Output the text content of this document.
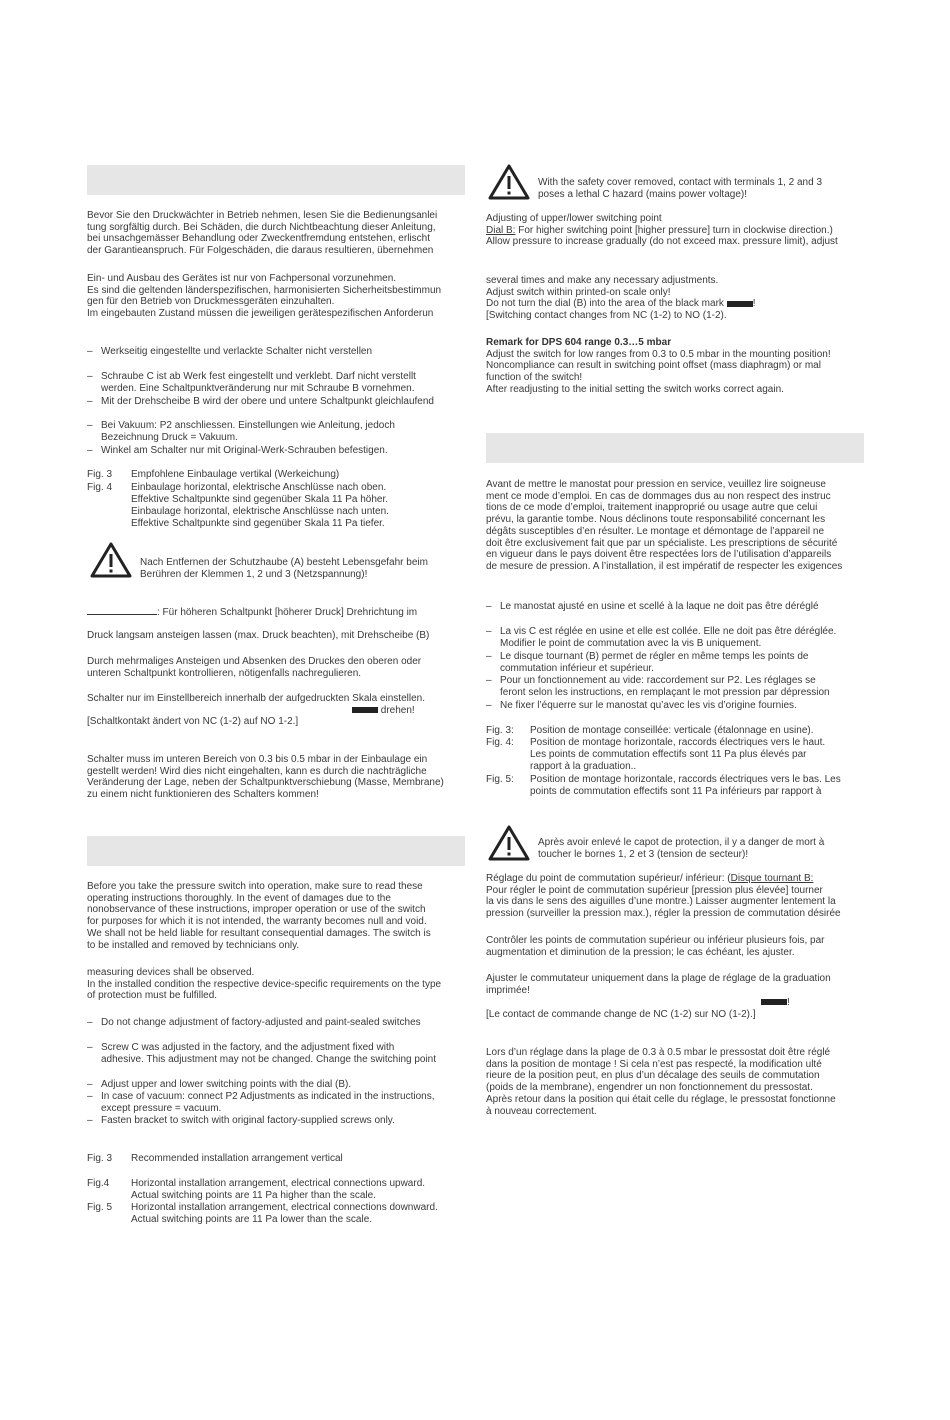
Bevor Sie den Druckwächter in Betrieb nehmen, lesen Sie die Bedienungsanlei
tung sorgfältig durch. Bei Schäden, die durch Nichtbeachtung dieser Anleitung,
bei unsachgemässer Behandlung oder Zweckentfremdung entstehen, erlischt
der Garantieanspruch. Für Folgeschäden, die daraus resultieren, übernehmen
Ein- und Ausbau des Gerätes ist nur von Fachpersonal vorzunehmen.
Es sind die geltenden länderspezifischen, harmonisierten Sicherheitsbestimmun
gen für den Betrieb von Druckmessgeräten einzuhalten.
Im eingebauten Zustand müssen die jeweiligen gerätespezifischen Anforderun
– Werkseitig eingestellte und verlackte Schalter nicht verstellen
– Schraube C ist ab Werk fest eingestellt und verklebt. Darf nicht verstellt
werden. Eine Schaltpunktveränderung nur mit Schraube B vornehmen.
– Mit der Drehscheibe B wird der obere und untere Schaltpunkt gleichlaufend
– Bei Vakuum: P2 anschliessen. Einstellungen wie Anleitung, jedoch
Bezeichnung Druck = Vakuum.
– Winkel am Schalter nur mit Original-Werk-Schrauben befestigen.
Fig. 3 Empfohlene Einbaulage vertikal (Werkeichung)
Fig. 4 Einbaulage horizontal, elektrische Anschlüsse nach oben.
Effektive Schaltpunkte sind gegenüber Skala 11 Pa höher.
Einbaulage horizontal, elektrische Anschlüsse nach unten.
Effektive Schaltpunkte sind gegenüber Skala 11 Pa tiefer.
Nach Entfernen der Schutzhaube (A) besteht Lebensgefahr beim
Berühren der Klemmen 1, 2 und 3 (Netzspannung)!
: Für höheren Schaltpunkt [höherer Druck] Drehrichtung im
Druck langsam ansteigen lassen (max. Druck beachten), mit Drehscheibe (B)
Durch mehrmaliges Ansteigen und Absenken des Druckes den oberen oder
unteren Schaltpunkt kontrollieren, nötigenfalls nachregulieren.
Schalter nur im Einstellbereich innerhalb der aufgedruckten Skala einstellen.
drehen!
[Schaltkontakt ändert von NC (1-2) auf NO 1-2.]
Schalter muss im unteren Bereich von 0.3 bis 0.5 mbar in der Einbaulage ein
gestellt werden! Wird dies nicht eingehalten, kann es durch die nachträgliche
Veränderung der Lage, neben der Schaltpunktverschiebung (Masse, Membrane)
zu einem nicht funktionieren des Schalters kommen!
Before you take the pressure switch into operation, make sure to read these
operating instructions thoroughly. In the event of damages due to the
nonobservance of these instructions, improper operation or use of the switch
for purposes for which it is not intended, the warranty becomes null and void.
We shall not be held liable for resultant consequential damages. The switch is
to be installed and removed by technicians only.
measuring devices shall be observed.
In the installed condition the respective device-specific requirements on the type
of protection must be fulfilled.
– Do not change adjustment of factory-adjusted and paint-sealed switches
– Screw C was adjusted in the factory, and the adjustment fixed with
adhesive. This adjustment may not be changed. Change the switching point
– Adjust upper and lower switching points with the dial (B).
– In case of vacuum: connect P2 Adjustments as indicated in the instructions,
except pressure = vacuum.
– Fasten bracket to switch with original factory-supplied screws only.
Fig. 3 Recommended installation arrangement vertical
Fig.4 Horizontal installation arrangement, electrical connections upward.
Actual switching points are 11 Pa higher than the scale.
Fig. 5 Horizontal installation arrangement, electrical connections downward.
Actual switching points are 11 Pa lower than the scale.
With the safety cover removed, contact with terminals 1, 2 and 3
poses a lethal C hazard (mains power voltage)!
Adjusting of upper/lower switching point
Dial B: For higher switching point [higher pressure] turn in clockwise direction.)
Allow pressure to increase gradually (do not exceed max. pressure limit), adjust
several times and make any necessary adjustments.
Adjust switch within printed-on scale only!
Do not turn the dial (B) into the area of the black mark	!
[Switching contact changes from NC (1-2) to NO (1-2).
Remark for DPS 604 range 0.3…5 mbar
Adjust the switch for low ranges from 0.3 to 0.5 mbar in the mounting position!
Noncompliance can result in switching point offset (mass diaphragm) or mal
function of the switch!
After readjusting to the initial setting the switch works correct again.
Avant de mettre le manostat pour pression en service, veuillez lire soigneuse
ment ce mode d’emploi. En cas de dommages dus au non respect des instruc
tions de ce mode d’emploi, traitement inapproprié ou usage autre que celui
prévu, la garantie tombe. Nous déclinons toute responsabilité concernant les
dégâts susceptibles d’en résulter. Le montage et démontage de l’appareil ne
doit être exclusivement fait que par un spécialiste. Les prescriptions de sécurité
en vigueur dans le pays doivent être respectées lors de l’utilisation d’appareils
de mesure de pression. A l’installation, il est impératif de respecter les exigences
– Le manostat ajusté en usine et scellé à la laque ne doit pas être déréglé
– La vis C est réglée en usine et elle est collée. Elle ne doit pas être déréglée.
Modifier le point de commutation avec la vis B uniquement.
– Le disque tournant (B) permet de régler en même temps les points de
commutation inférieur et supérieur.
– Pour un fonctionnement au vide: raccordement sur P2. Les réglages se
feront selon les instructions, en remplaçant le mot pression par dépression
– Ne fixer l’équerre sur le manostat qu’avec les vis d’origine fournies.
Fig. 3: Position de montage conseillée: verticale (étalonnage en usine).
Fig. 4: Position de montage horizontale, raccords électriques vers le haut.
Les points de commutation effectifs sont 11 Pa plus élevés par
rapport à la graduation..
Fig. 5: Position de montage horizontale, raccords électriques vers le bas. Les
points de commutation effectifs sont 11 Pa inférieurs par rapport à
Après avoir enlevé le capot de protection, il y a danger de mort à
toucher le bornes 1, 2 et 3 (tension de secteur)!
Réglage du point de commutation supérieur/ inférieur: (Disque tournant B:
Pour régler le point de commutation supérieur [pression plus élevée] tourner
la vis dans le sens des aiguilles d’une montre.) Laisser augmenter lentement la
pression (surveiller la pression max.), régler la pression de commutation désirée
Contrôler les points de commutation supérieur ou inférieur plusieurs fois, par
augmentation et diminution de la pression; le cas échéant, les ajuster.
Ajuster le commutateur uniquement dans la plage de réglage de la graduation
imprimée!
!
[Le contact de commande change de NC (1-2) sur NO (1-2).]
Lors d’un réglage dans la plage de 0.3 à 0.5 mbar le pressostat doit être réglé
dans la position de montage ! Si cela n’est pas respecté, la modification ulté
rieure de la position peut, en plus d’un décalage des seuils de commutation
(poids de la membrane), engendrer un non fonctionnement du pressostat.
Après retour dans la position qui était celle du réglage, le pressostat fonctionne
à nouveau correctement.
